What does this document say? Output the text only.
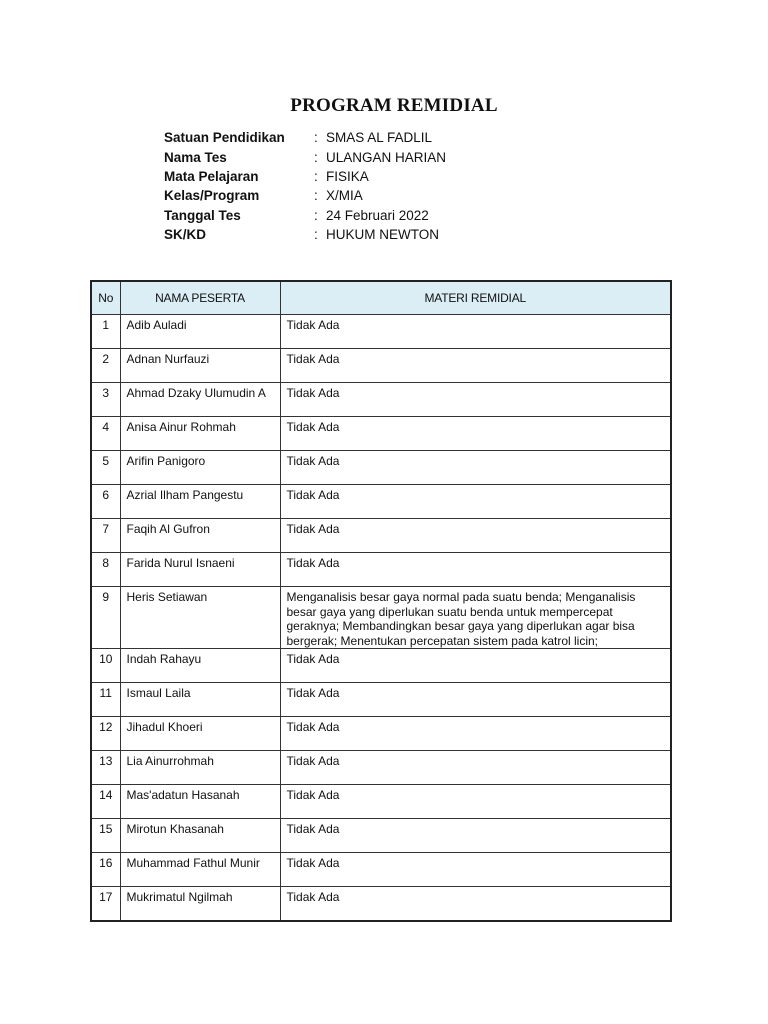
PROGRAM REMIDIAL
Satuan Pendidikan	:	SMAS AL FADLIL
Nama Tes	:	ULANGAN HARIAN
Mata Pelajaran	:	FISIKA
Kelas/Program	:	X/MIA
Tanggal Tes	:	24 Februari 2022
SK/KD	:	HUKUM NEWTON
No	NAMA PESERTA	MATERI REMIDIAL
1	Adib Auladi	Tidak Ada
2	Adnan Nurfauzi	Tidak Ada
3	Ahmad Dzaky Ulumudin A	Tidak Ada
4	Anisa Ainur Rohmah	Tidak Ada
5	Arifin Panigoro	Tidak Ada
6	Azrial Ilham Pangestu	Tidak Ada
7	Faqih Al Gufron	Tidak Ada
8	Farida Nurul Isnaeni	Tidak Ada
9	Heris Setiawan	Menganalisis besar gaya normal pada suatu benda; Menganalisis besar gaya yang diperlukan suatu benda untuk mempercepat geraknya; Membandingkan besar gaya yang diperlukan agar bisa bergerak; Menentukan percepatan sistem pada katrol licin;
10	Indah Rahayu	Tidak Ada
11	Ismaul Laila	Tidak Ada
12	Jihadul Khoeri	Tidak Ada
13	Lia Ainurrohmah	Tidak Ada
14	Mas'adatun Hasanah	Tidak Ada
15	Mirotun Khasanah	Tidak Ada
16	Muhammad Fathul Munir	Tidak Ada
17	Mukrimatul Ngilmah	Tidak Ada
